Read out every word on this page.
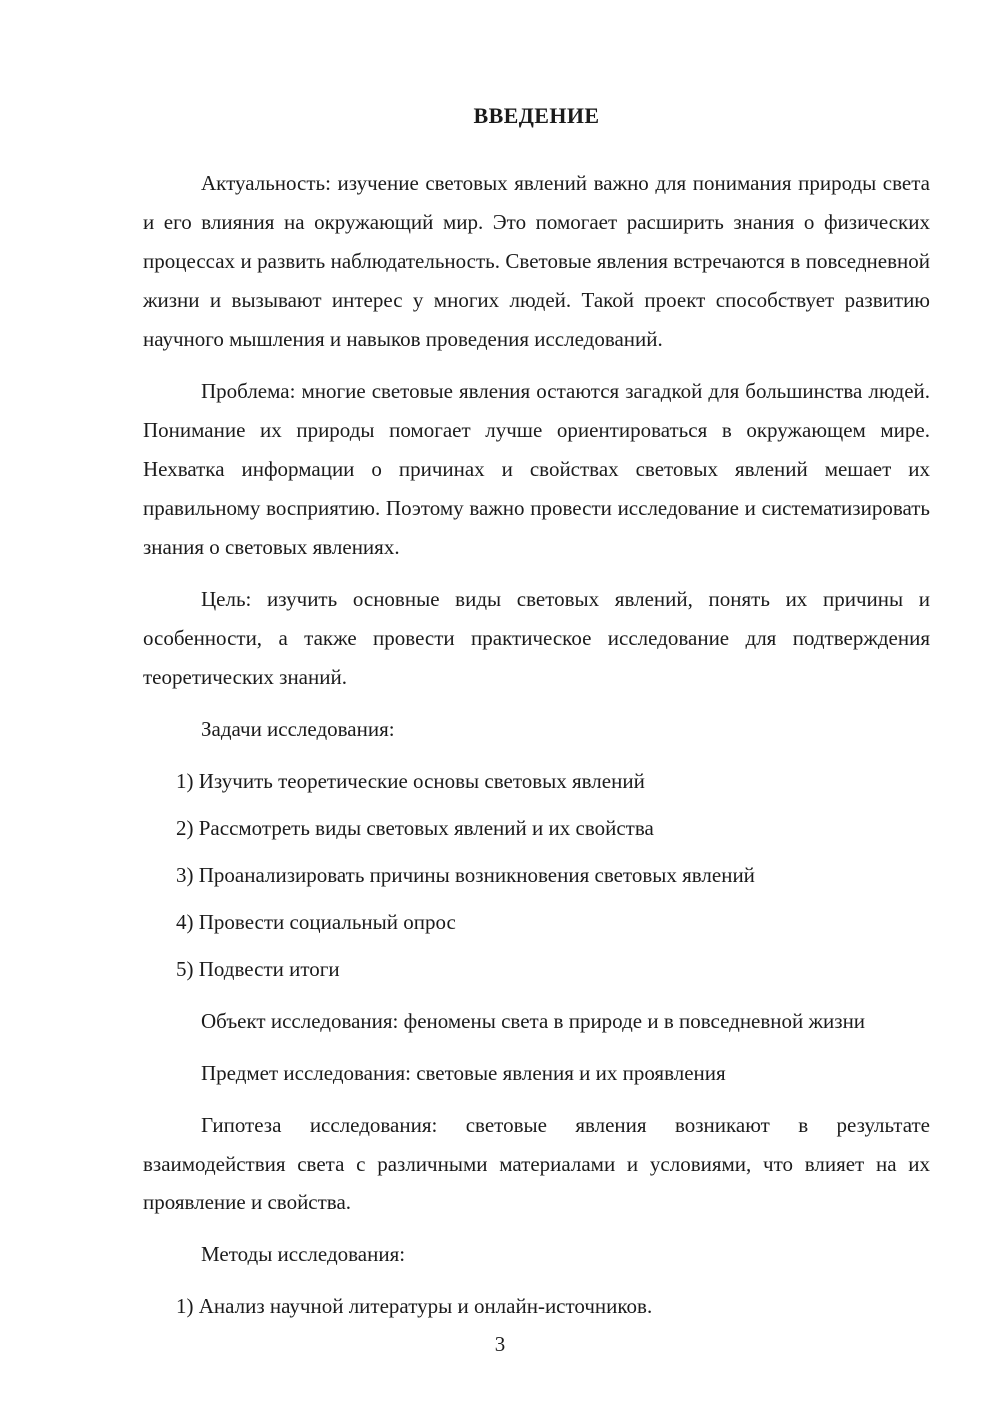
ВВЕДЕНИЕ

Актуальность: изучение световых явлений важно для понимания природы света и его влияния на окружающий мир. Это помогает расширить знания о физических процессах и развить наблюдательность. Световые явления встречаются в повседневной жизни и вызывают интерес у многих людей. Такой проект способствует развитию научного мышления и навыков проведения исследований.

Проблема: многие световые явления остаются загадкой для большинства людей. Понимание их природы помогает лучше ориентироваться в окружающем мире. Нехватка информации о причинах и свойствах световых явлений мешает их правильному восприятию. Поэтому важно провести исследование и систематизировать знания о световых явлениях.

Цель: изучить основные виды световых явлений, понять их причины и особенности, а также провести практическое исследование для подтверждения теоретических знаний.

Задачи исследования:

1) Изучить теоретические основы световых явлений
2) Рассмотреть виды световых явлений и их свойства
3) Проанализировать причины возникновения световых явлений
4) Провести социальный опрос
5) Подвести итоги

Объект исследования: феномены света в природе и в повседневной жизни

Предмет исследования: световые явления и их проявления

Гипотеза исследования: световые явления возникают в результате взаимодействия света с различными материалами и условиями, что влияет на их проявление и свойства.

Методы исследования:

1) Анализ научной литературы и онлайн-источников.
3
